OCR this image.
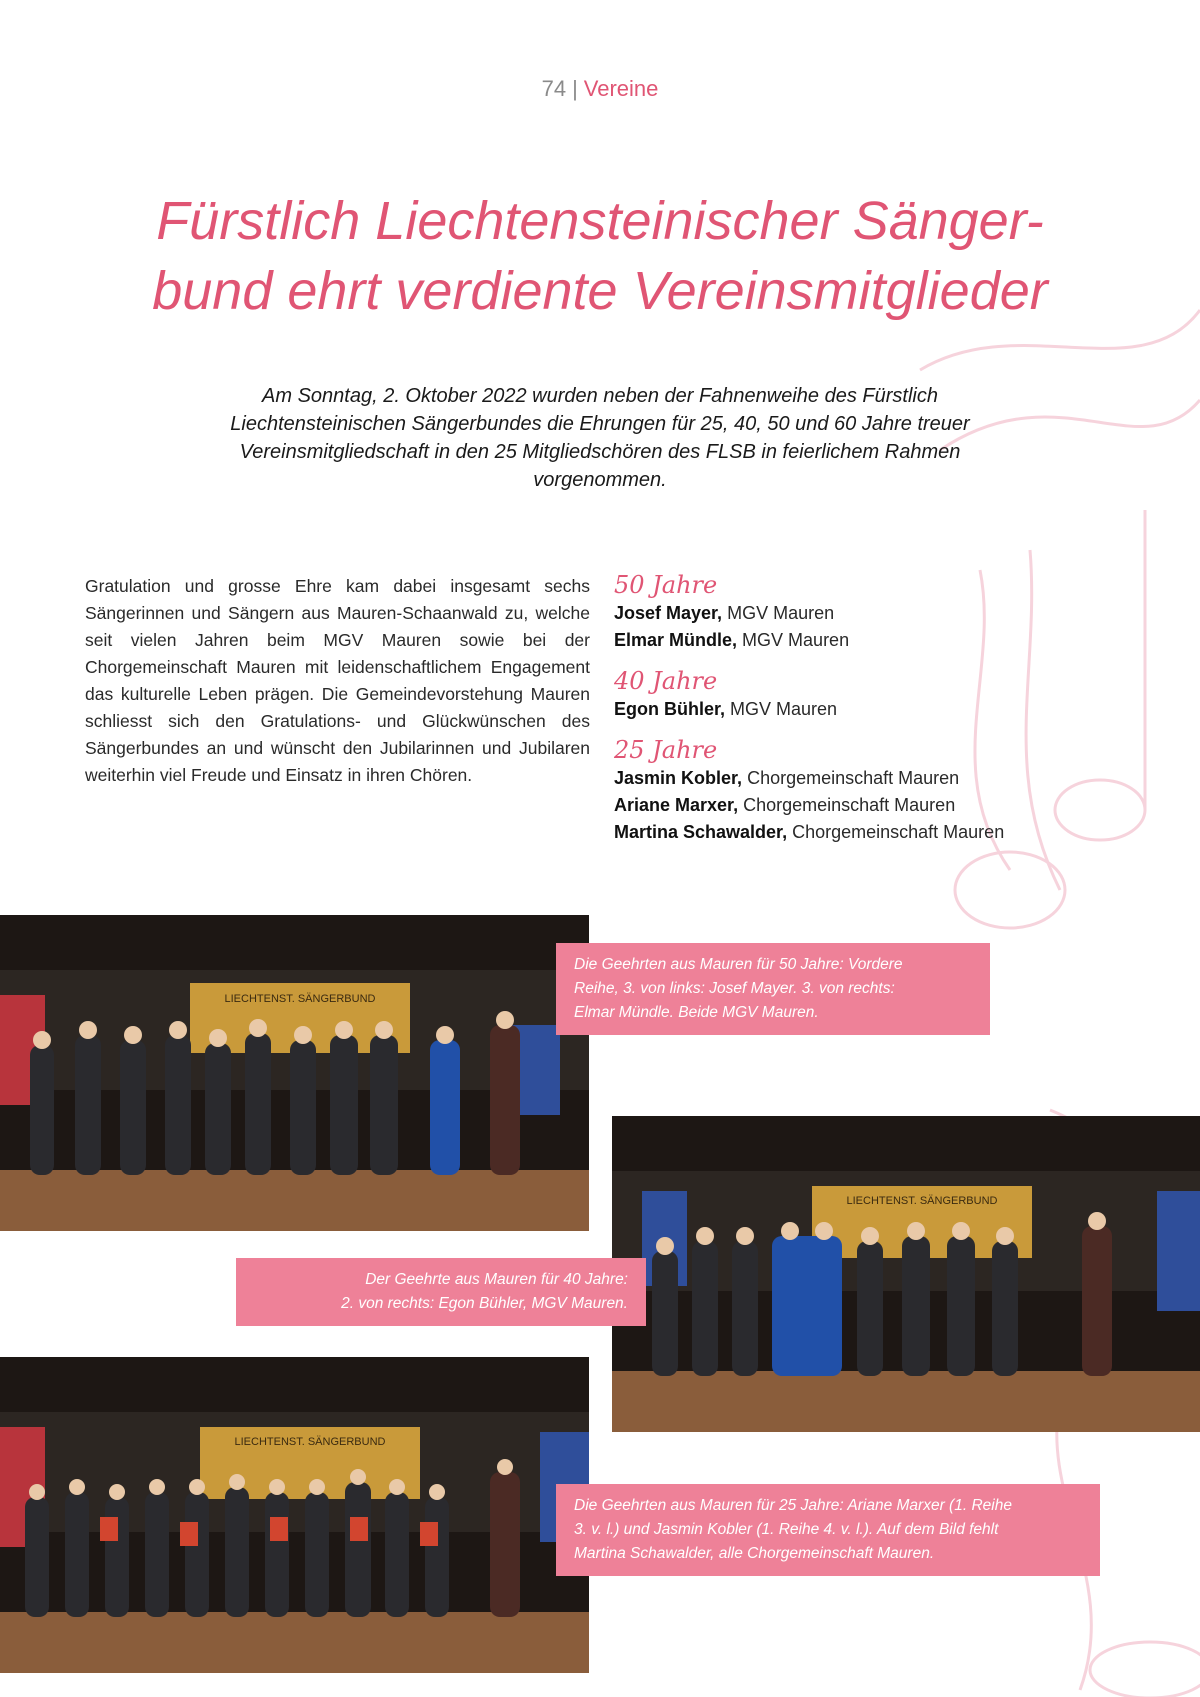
74 | Vereine
Fürstlich Liechtensteinischer Sänger-
bund ehrt verdiente Vereinsmitglieder
Am Sonntag, 2. Oktober 2022 wurden neben der Fahnenweihe des Fürstlich Liechtensteinischen Sängerbundes die Ehrungen für 25, 40, 50 und 60 Jahre treuer Vereinsmitgliedschaft in den 25 Mitgliedschören des FLSB in feierlichem Rahmen vorgenommen.
Gratulation und grosse Ehre kam dabei insgesamt sechs Sängerinnen und Sängern aus Mauren-Schaanwald zu, welche seit vielen Jahren beim MGV Mauren sowie bei der Chorgemeinschaft Mauren mit leidenschaftlichem Engagement das kulturelle Leben prägen. Die Gemeindevorstehung Mauren schliesst sich den Gratulations- und Glückwünschen des Sängerbundes an und wünscht den Jubilarinnen und Jubilaren weiterhin viel Freude und Einsatz in ihren Chören.
50 Jahre
Josef Mayer, MGV Mauren
Elmar Mündle, MGV Mauren
40 Jahre
Egon Bühler, MGV Mauren
25 Jahre
Jasmin Kobler, Chorgemeinschaft Mauren
Ariane Marxer, Chorgemeinschaft Mauren
Martina Schawalder, Chorgemeinschaft Mauren
LIECHTENST. SÄNGERBUND
Die Geehrten aus Mauren für 50 Jahre: Vordere
Reihe, 3. von links: Josef Mayer. 3. von rechts:
Elmar Mündle. Beide MGV Mauren.
LIECHTENST. SÄNGERBUND
Der Geehrte aus Mauren für 40 Jahre:
2. von rechts: Egon Bühler, MGV Mauren.
LIECHTENST. SÄNGERBUND
Die Geehrten aus Mauren für 25 Jahre: Ariane Marxer (1. Reihe
3. v. l.) und Jasmin Kobler (1. Reihe 4. v. l.). Auf dem Bild fehlt
Martina Schawalder, alle Chorgemeinschaft Mauren.
